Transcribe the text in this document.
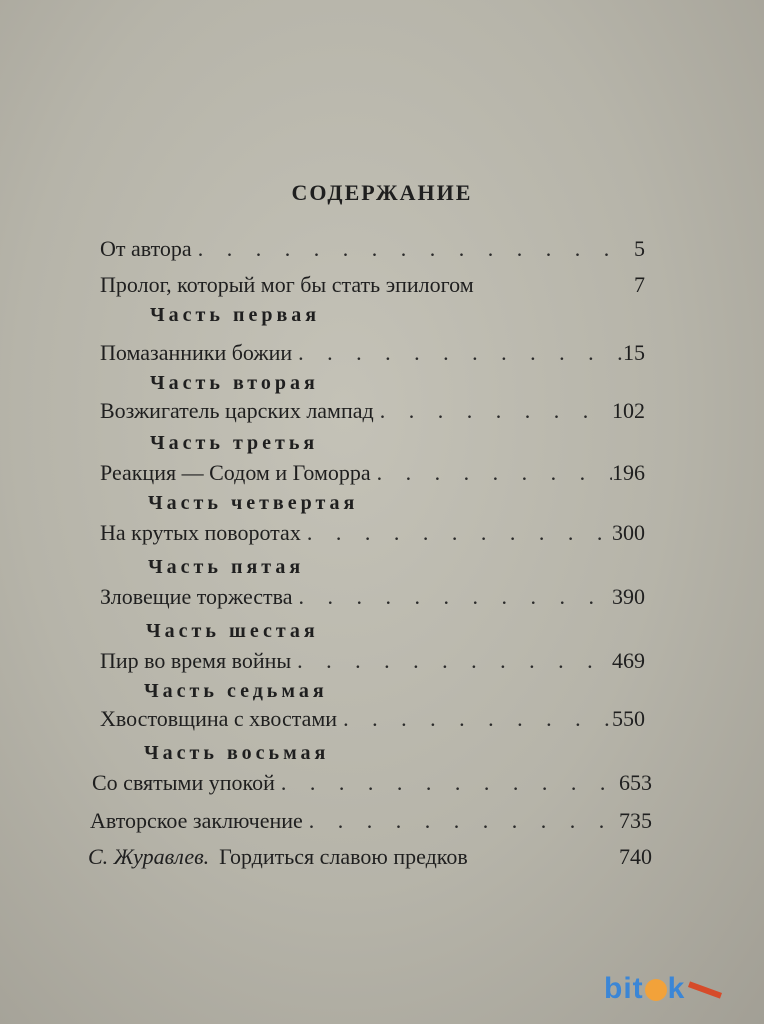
СОДЕРЖАНИЕ
От автора . . .	5
Пролог, который мог бы стать эпилогом	7
Часть первая
Помазанники божии . . .	15
Часть вторая
Возжигатель царских лампад . . .	102
Часть третья
Реакция — Содом и Гоморра . . .	196
Часть четвертая
На крутых поворотах . . .	300
Часть пятая
Зловещие торжества . . .	390
Часть шестая
Пир во время войны . . .	469
Часть седьмая
Хвостовщина с хвостами . . .	550
Часть восьмая
Со святыми упокой . . .	653
Авторское заключение . . .	735
С. Журавлев. Гордиться славою предков	740
bit k
